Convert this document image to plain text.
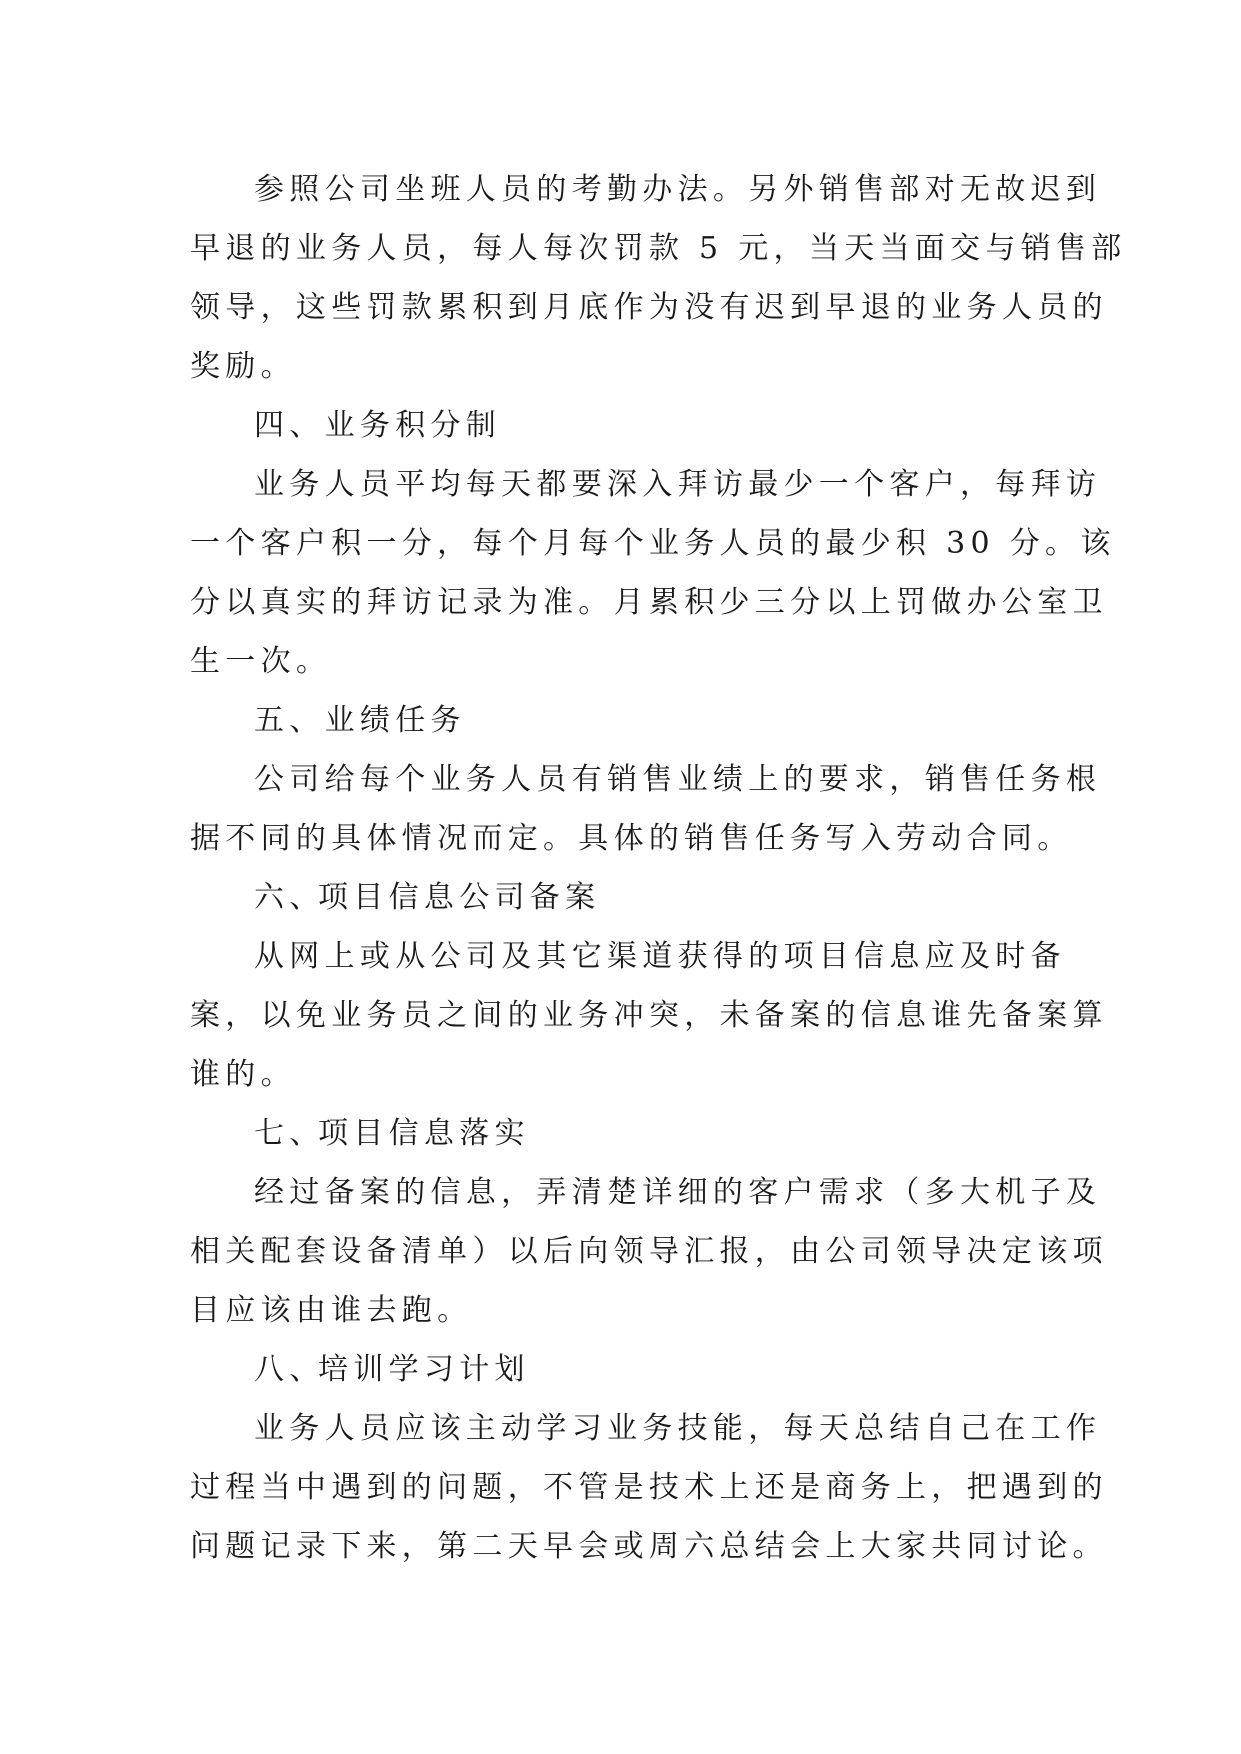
参照公司坐班人员的考勤办法。另外销售部对无故迟到
早退的业务人员，每人每次罚款 5 元，当天当面交与销售部
领导，这些罚款累积到月底作为没有迟到早退的业务人员的
奖励。
四、业务积分制
业务人员平均每天都要深入拜访最少一个客户，每拜访
一个客户积一分，每个月每个业务人员的最少积 30 分。该
分以真实的拜访记录为准。月累积少三分以上罚做办公室卫
生一次。
五、业绩任务
公司给每个业务人员有销售业绩上的要求，销售任务根
据不同的具体情况而定。具体的销售任务写入劳动合同。
六、项目信息公司备案
从网上或从公司及其它渠道获得的项目信息应及时备
案，以免业务员之间的业务冲突，未备案的信息谁先备案算
谁的。
七、项目信息落实
经过备案的信息，弄清楚详细的客户需求（多大机子及
相关配套设备清单）以后向领导汇报，由公司领导决定该项
目应该由谁去跑。
八、培训学习计划
业务人员应该主动学习业务技能，每天总结自己在工作
过程当中遇到的问题，不管是技术上还是商务上，把遇到的
问题记录下来，第二天早会或周六总结会上大家共同讨论。
